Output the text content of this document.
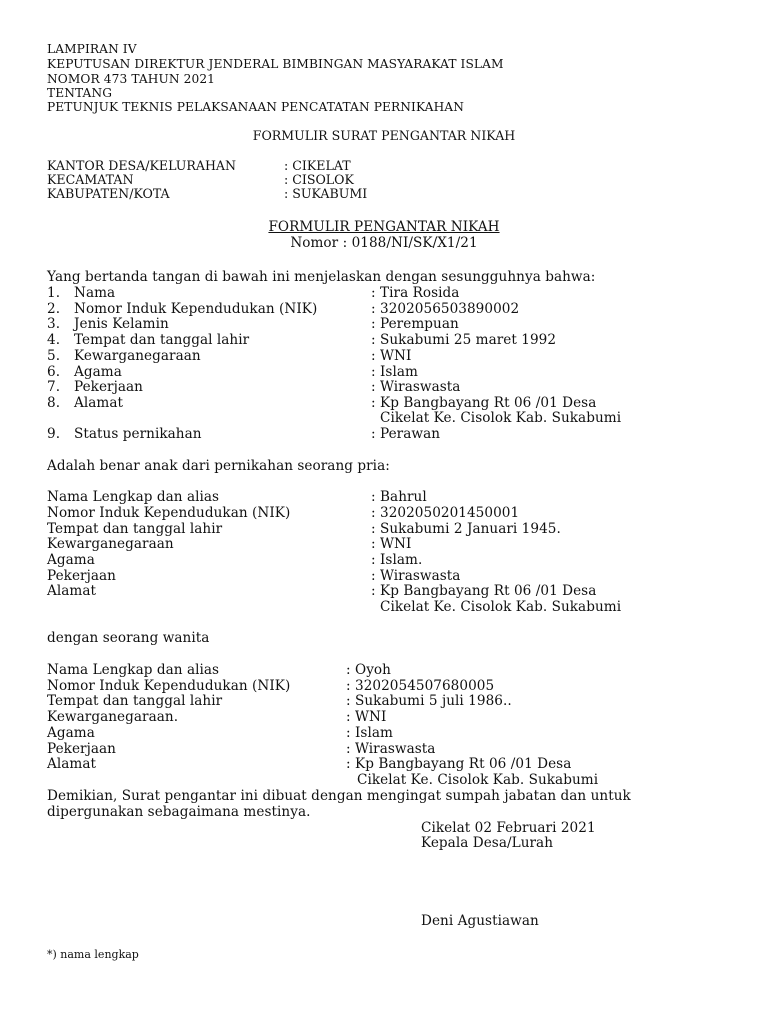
LAMPIRAN IV
KEPUTUSAN DIREKTUR JENDERAL BIMBINGAN MASYARAKAT ISLAM
NOMOR 473 TAHUN 2021
TENTANG
PETUNJUK TEKNIS PELAKSANAAN PENCATATAN PERNIKAHAN
FORMULIR SURAT PENGANTAR NIKAH
KANTOR DESA/KELURAHAN	: CIKELAT
KECAMATAN	: CISOLOK
KABUPATEN/KOTA	: SUKABUMI
FORMULIR PENGANTAR NIKAH
Nomor : 0188/NI/SK/X1/21
Yang bertanda tangan di bawah ini menjelaskan dengan sesungguhnya bahwa:
1. Nama	: Tira Rosida
2. Nomor Induk Kependudukan (NIK)	: 3202056503890002
3. Jenis Kelamin	: Perempuan
4. Tempat dan tanggal lahir	: Sukabumi 25 maret 1992
5. Kewarganegaraan	: WNI
6. Agama	: Islam
7. Pekerjaan	: Wiraswasta
8. Alamat	: Kp Bangbayang Rt 06 /01 Desa
Cikelat Ke. Cisolok Kab. Sukabumi
9. Status pernikahan	: Perawan
Adalah benar anak dari pernikahan seorang pria:
Nama Lengkap dan alias	: Bahrul
Nomor Induk Kependudukan (NIK)	: 3202050201450001
Tempat dan tanggal lahir	: Sukabumi 2 Januari 1945.
Kewarganegaraan	: WNI
Agama	: Islam.
Pekerjaan	: Wiraswasta
Alamat	: Kp Bangbayang Rt 06 /01 Desa
Cikelat Ke. Cisolok Kab. Sukabumi
dengan seorang wanita
Nama Lengkap dan alias	: Oyoh
Nomor Induk Kependudukan (NIK)	: 3202054507680005
Tempat dan tanggal lahir	: Sukabumi 5 juli 1986..
Kewarganegaraan.	: WNI
Agama	: Islam
Pekerjaan	: Wiraswasta
Alamat	: Kp Bangbayang Rt 06 /01 Desa
Cikelat Ke. Cisolok Kab. Sukabumi
Demikian, Surat pengantar ini dibuat dengan mengingat sumpah jabatan dan untuk
dipergunakan sebagaimana mestinya.
Cikelat 02 Februari 2021
Kepala Desa/Lurah
Deni Agustiawan
*) nama lengkap
